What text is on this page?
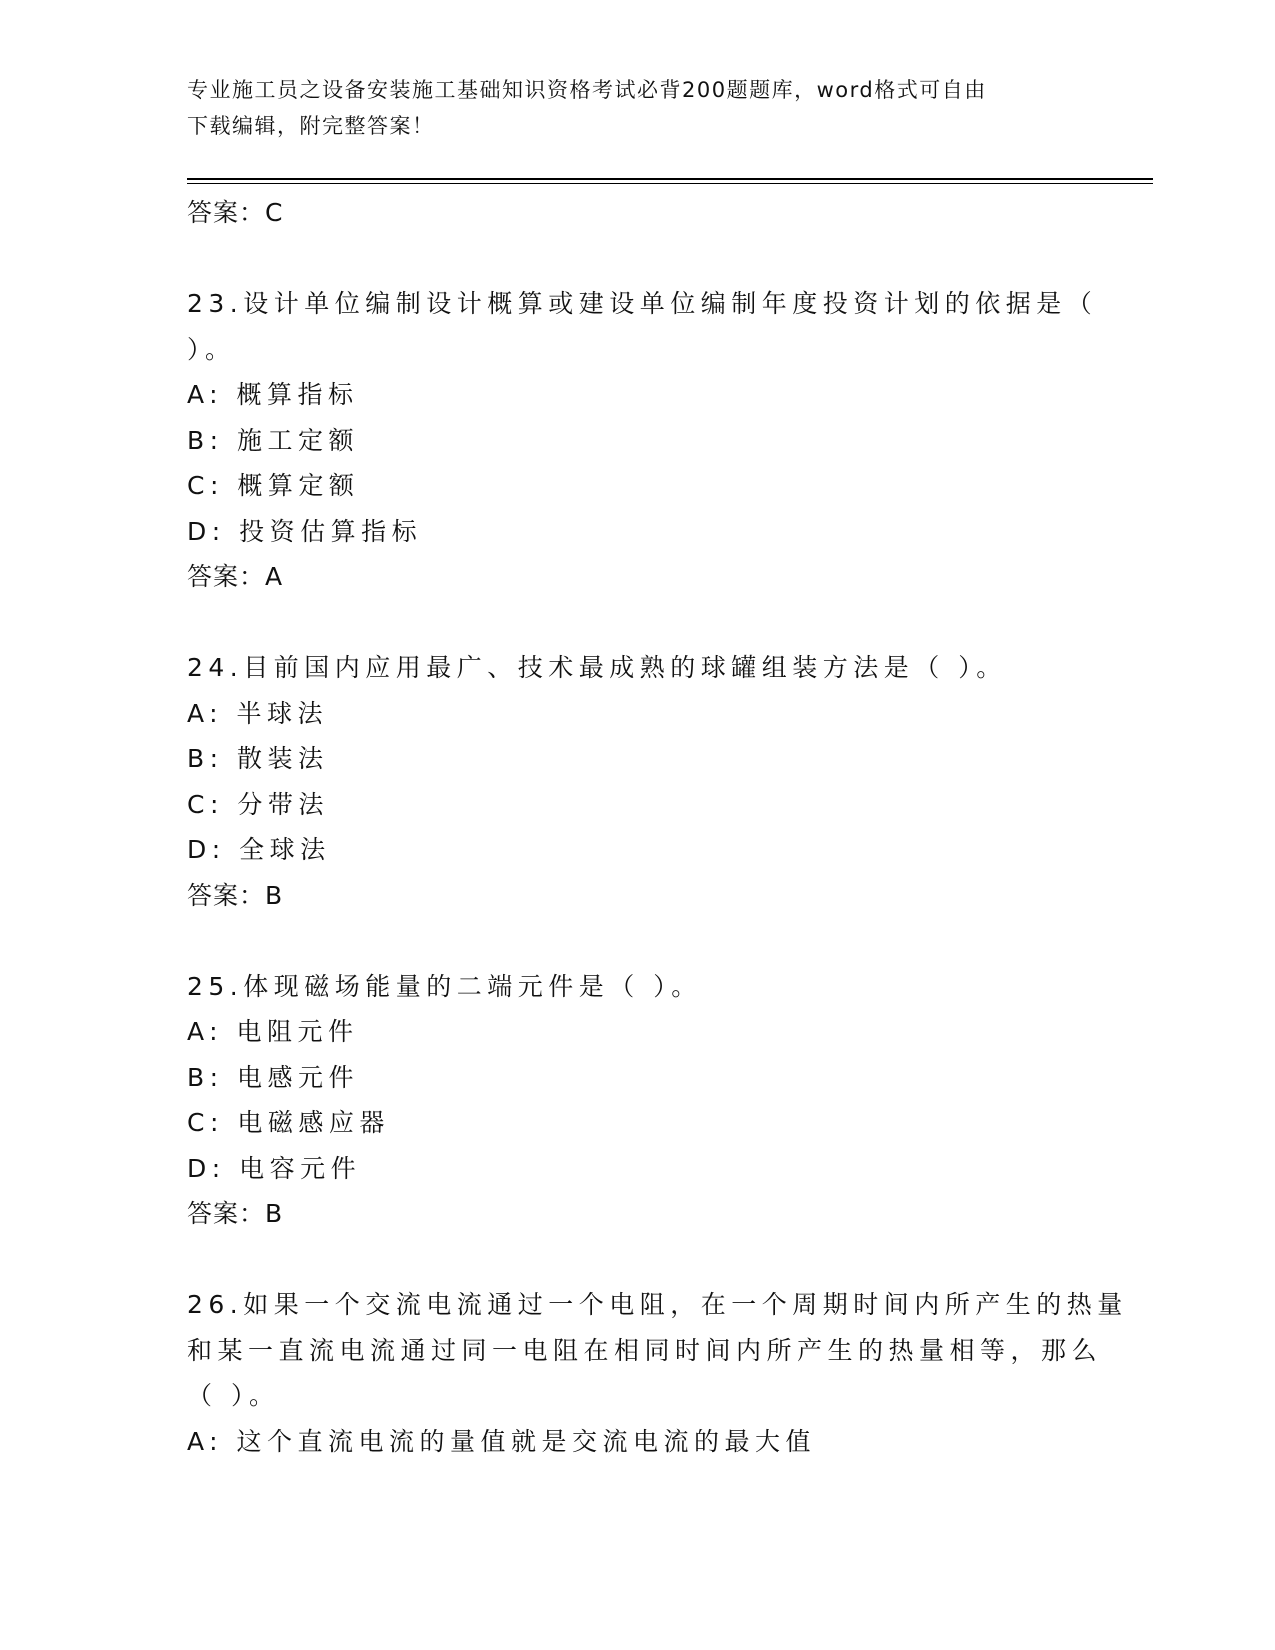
专业施工员之设备安装施工基础知识资格考试必背200题题库，word格式可自由
下载编辑，附完整答案！
答案：C
23.设计单位编制设计概算或建设单位编制年度投资计划的依据是（
）。
A: 概算指标
B: 施工定额
C: 概算定额
D: 投资估算指标
答案：A
24.目前国内应用最广、技术最成熟的球罐组装方法是（ ）。
A: 半球法
B: 散装法
C: 分带法
D: 全球法
答案：B
25.体现磁场能量的二端元件是（ ）。
A: 电阻元件
B: 电感元件
C: 电磁感应器
D: 电容元件
答案：B
26.如果一个交流电流通过一个电阻，在一个周期时间内所产生的热量
和某一直流电流通过同一电阻在相同时间内所产生的热量相等，那么
（ ）。
A: 这个直流电流的量值就是交流电流的最大值
